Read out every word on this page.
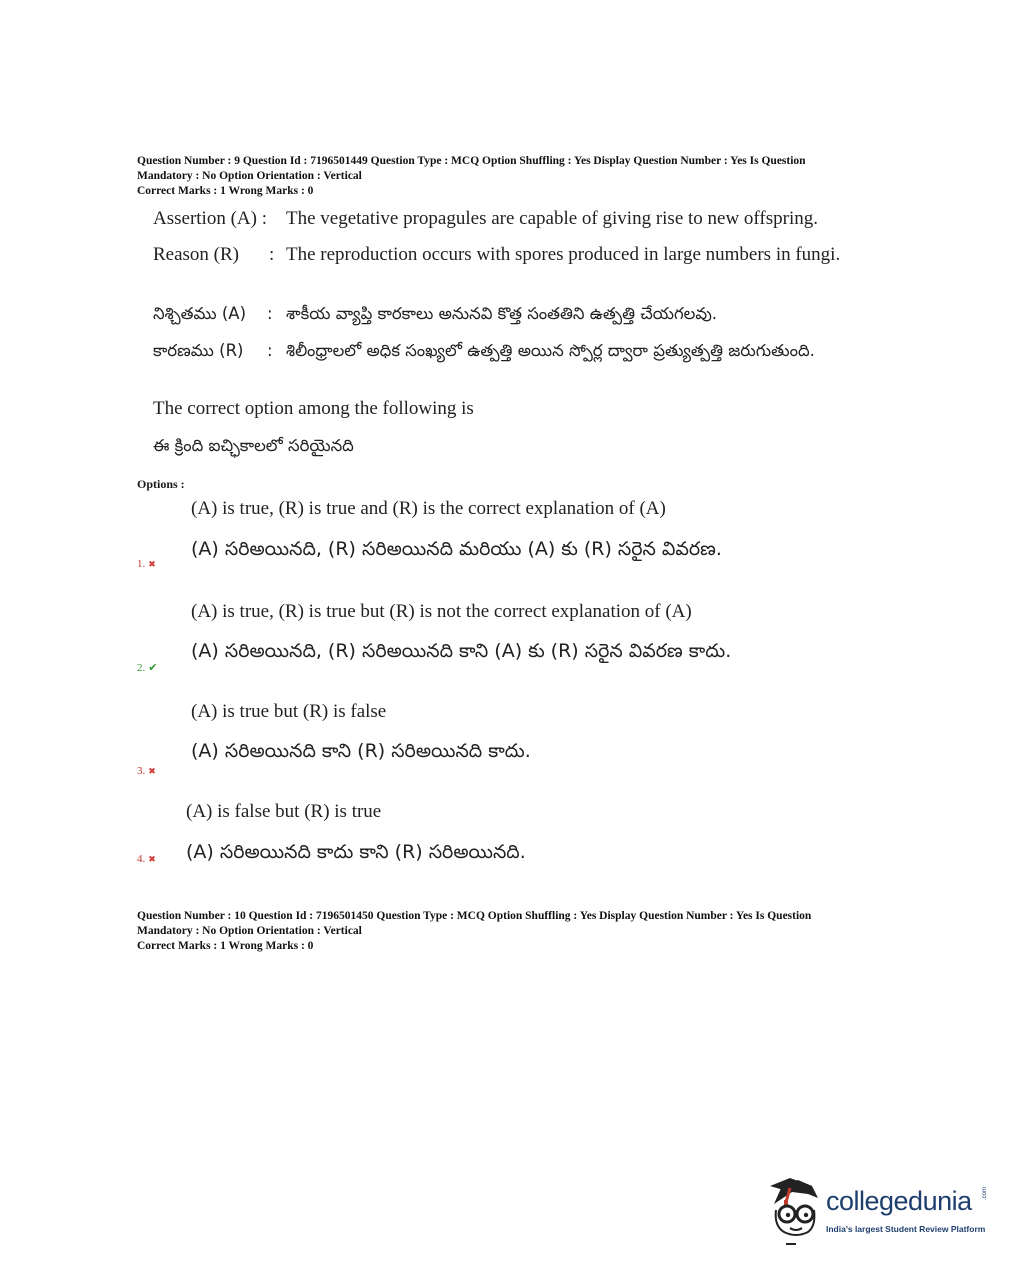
Question Number : 9 Question Id : 7196501449 Question Type : MCQ Option Shuffling : Yes Display Question Number : Yes Is Question
Mandatory : No Option Orientation : Vertical
Correct Marks : 1 Wrong Marks : 0
Assertion (A) : The vegetative propagules are capable of giving rise to new offspring.
Reason (R) : The reproduction occurs with spores produced in large numbers in fungi.
నిశ్చితము (A) : శాకీయ వ్యాప్తి కారకాలు అనునవి కొత్త సంతతిని ఉత్పత్తి చేయగలవు.
కారణము (R) : శిలీంధ్రాలలో అధిక సంఖ్యలో ఉత్పత్తి అయిన స్పోర్ల ద్వారా ప్రత్యుత్పత్తి జరుగుతుంది.
The correct option among the following is
ఈ క్రింది ఐచ్ఛికాలలో సరియైనది
Options :
(A) is true, (R) is true and (R) is the correct explanation of (A)
(A) సరిఅయినది, (R) సరిఅయినది మరియు (A) కు (R) సరైన వివరణ.
1. ✖
(A) is true, (R) is true but (R) is not the correct explanation of (A)
(A) సరిఅయినది, (R) సరిఅయినది కాని (A) కు (R) సరైన వివరణ కాదు.
2. ✔
(A) is true but (R) is false
(A) సరిఅయినది కాని (R) సరిఅయినది కాదు.
3. ✖
(A) is false but (R) is true
(A) సరిఅయినది కాదు కాని (R) సరిఅయినది.
4. ✖
Question Number : 10 Question Id : 7196501450 Question Type : MCQ Option Shuffling : Yes Display Question Number : Yes Is Question
Mandatory : No Option Orientation : Vertical
Correct Marks : 1 Wrong Marks : 0
collegedunia .com
India's largest Student Review Platform
